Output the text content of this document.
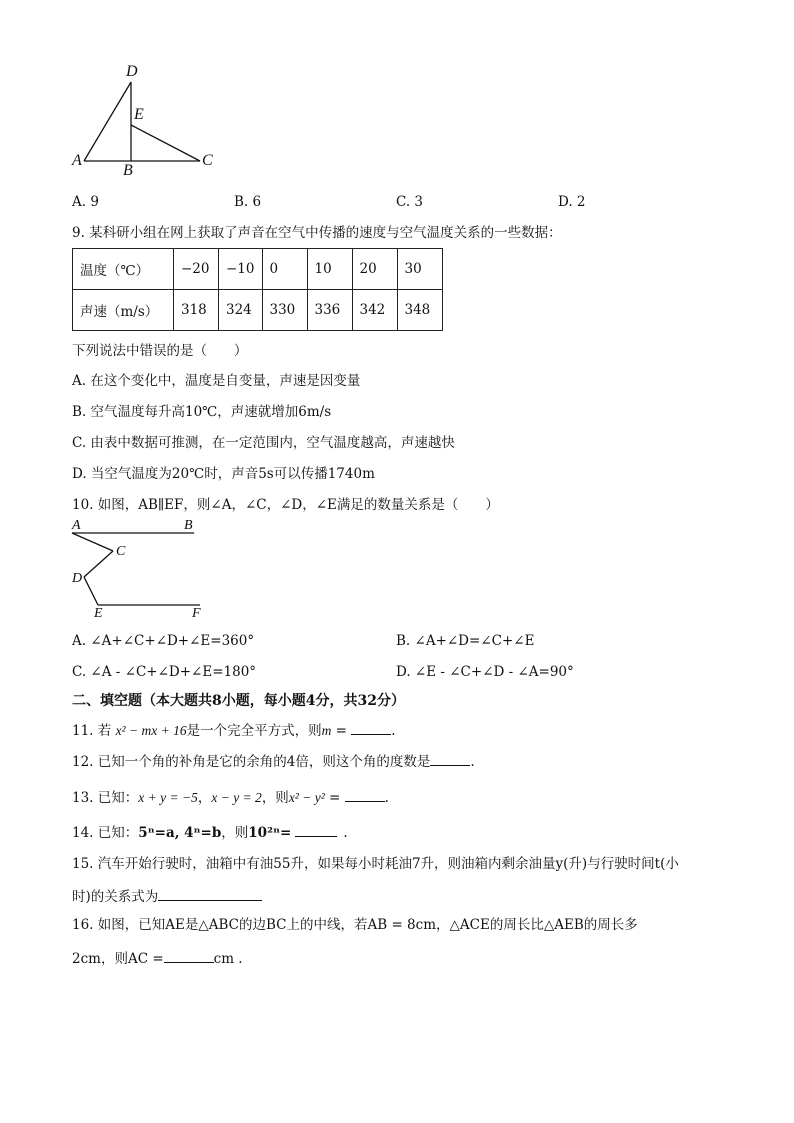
D
E
A
B
C
A. 9	B. 6	C. 3	D. 2
9. 某科研小组在网上获取了声音在空气中传播的速度与空气温度关系的一些数据：
温度（℃）	−20	−10	0	10	20	30
声速（m/s）	318	324	330	336	342	348
下列说法中错误的是（　　）
A. 在这个变化中，温度是自变量，声速是因变量
B. 空气温度每升高10℃，声速就增加6m/s
C. 由表中数据可推测，在一定范围内，空气温度越高，声速越快
D. 当空气温度为20℃时，声音5s可以传播1740m
10. 如图，AB∥EF，则∠A，∠C，∠D，∠E满足的数量关系是（　　）
A	B
C
D
E	F
A. ∠A+∠C+∠D+∠E=360°	B. ∠A+∠D=∠C+∠E
C. ∠A - ∠C+∠D+∠E=180°	D. ∠E - ∠C+∠D - ∠A=90°
二、填空题（本大题共8小题，每小题4分，共32分）
11. 若 x² − mx + 16是一个完全平方式，则m =	.
12. 已知一个角的补角是它的余角的4倍，则这个角的度数是	.
13. 已知：x + y = −5，x − y = 2，则x² − y² =	.
14. 已知：5ⁿ=a, 4ⁿ=b，则10²ⁿ=	.
15. 汽车开始行驶时，油箱中有油55升，如果每小时耗油7升，则油箱内剩余油量y(升)与行驶时间t(小
时)的关系式为
16. 如图，已知AE是△ABC的边BC上的中线，若AB = 8cm，△ACE的周长比△AEB的周长多
2cm，则AC =	cm .
